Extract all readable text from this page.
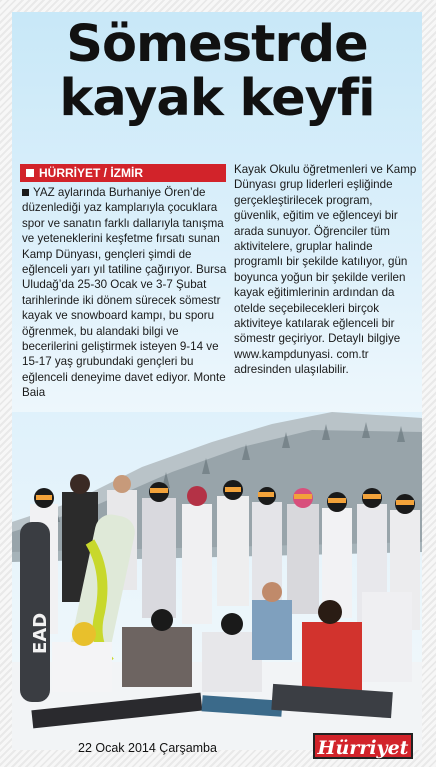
Sömestrde
kayak keyfi
HÜRRİYET / İZMİR

YAZ aylarında Burhaniye Ören’de düzenlediği yaz kamplarıyla çocuklara spor ve sanatın farklı dallarıyla tanışma ve yeteneklerini keşfetme fırsatı sunan Kamp Dünyası, gençleri şimdi de eğlenceli yarı yıl tatiline çağırıyor. Bursa Uludağ’da 25-30 Ocak ve 3-7 Şubat tarihlerinde iki dönem sürecek sömestr kayak ve snowboard kampı, bu sporu öğrenmek, bu alandaki bilgi ve becerilerini geliştirmek isteyen 9-14 ve 15-17 yaş grubundaki gençleri bu eğlenceli deneyime davet ediyor. Monte Baia

Kayak Okulu öğretmenleri ve Kamp Dünyası grup liderleri eşliğinde gerçekleştirilecek program, güvenlik, eğitim ve eğlenceyi bir arada sunuyor. Öğrenciler tüm aktivitelere, gruplar halinde programlı bir şekilde katılıyor, gün boyunca yoğun bir şekilde verilen kayak eğitimlerinin ardından da otelde seçebilecekleri birçok aktiviteye katılarak eğlenceli bir sömestr geçiriyor. Detaylı bilgiye www.kampdunyasi. com.tr adresinden ulaşılabilir.

EAD
22 Ocak 2014 Çarşamba	Hürriyet
